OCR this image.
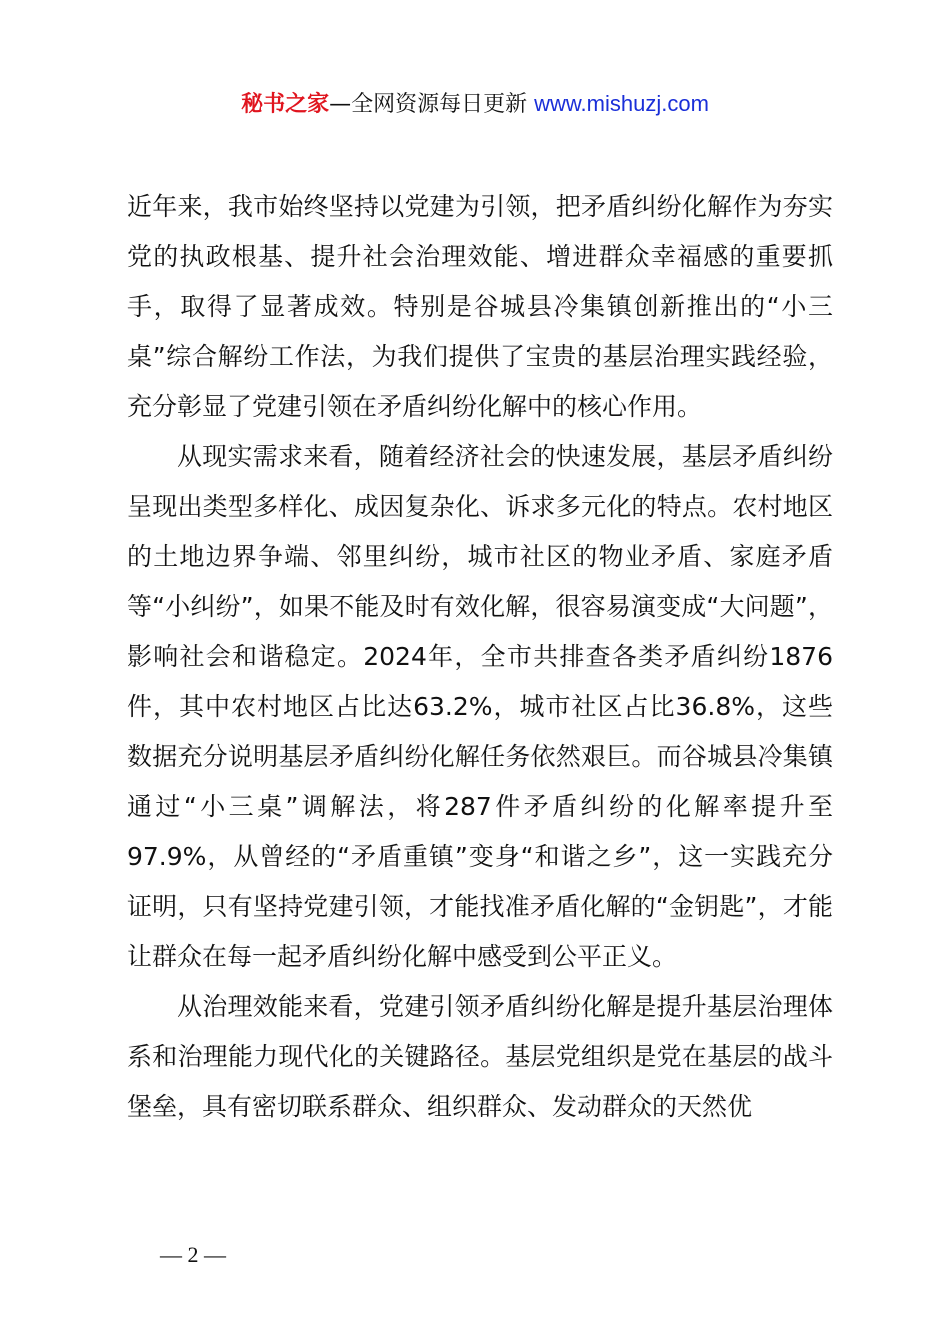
秘书之家—全网资源每日更新 www.mishuzj.com

近年来，我市始终坚持以党建为引领，把矛盾纠纷化解作为夯实党的执政根基、提升社会治理效能、增进群众幸福感的重要抓手，取得了显著成效。特别是谷城县冷集镇创新推出的“小三桌”综合解纷工作法，为我们提供了宝贵的基层治理实践经验，充分彰显了党建引领在矛盾纠纷化解中的核心作用。

从现实需求来看，随着经济社会的快速发展，基层矛盾纠纷呈现出类型多样化、成因复杂化、诉求多元化的特点。农村地区的土地边界争端、邻里纠纷，城市社区的物业矛盾、家庭矛盾等“小纠纷”，如果不能及时有效化解，很容易演变成“大问题”，影响社会和谐稳定。2024年，全市共排查各类矛盾纠纷1876件，其中农村地区占比达63.2%，城市社区占比36.8%，这些数据充分说明基层矛盾纠纷化解任务依然艰巨。而谷城县冷集镇通过“小三桌”调解法，将287件矛盾纠纷的化解率提升至97.9%，从曾经的“矛盾重镇”变身“和谐之乡”，这一实践充分证明，只有坚持党建引领，才能找准矛盾化解的“金钥匙”，才能让群众在每一起矛盾纠纷化解中感受到公平正义。

从治理效能来看，党建引领矛盾纠纷化解是提升基层治理体系和治理能力现代化的关键路径。基层党组织是党在基层的战斗堡垒，具有密切联系群众、组织群众、发动群众的天然优

— 2 —
